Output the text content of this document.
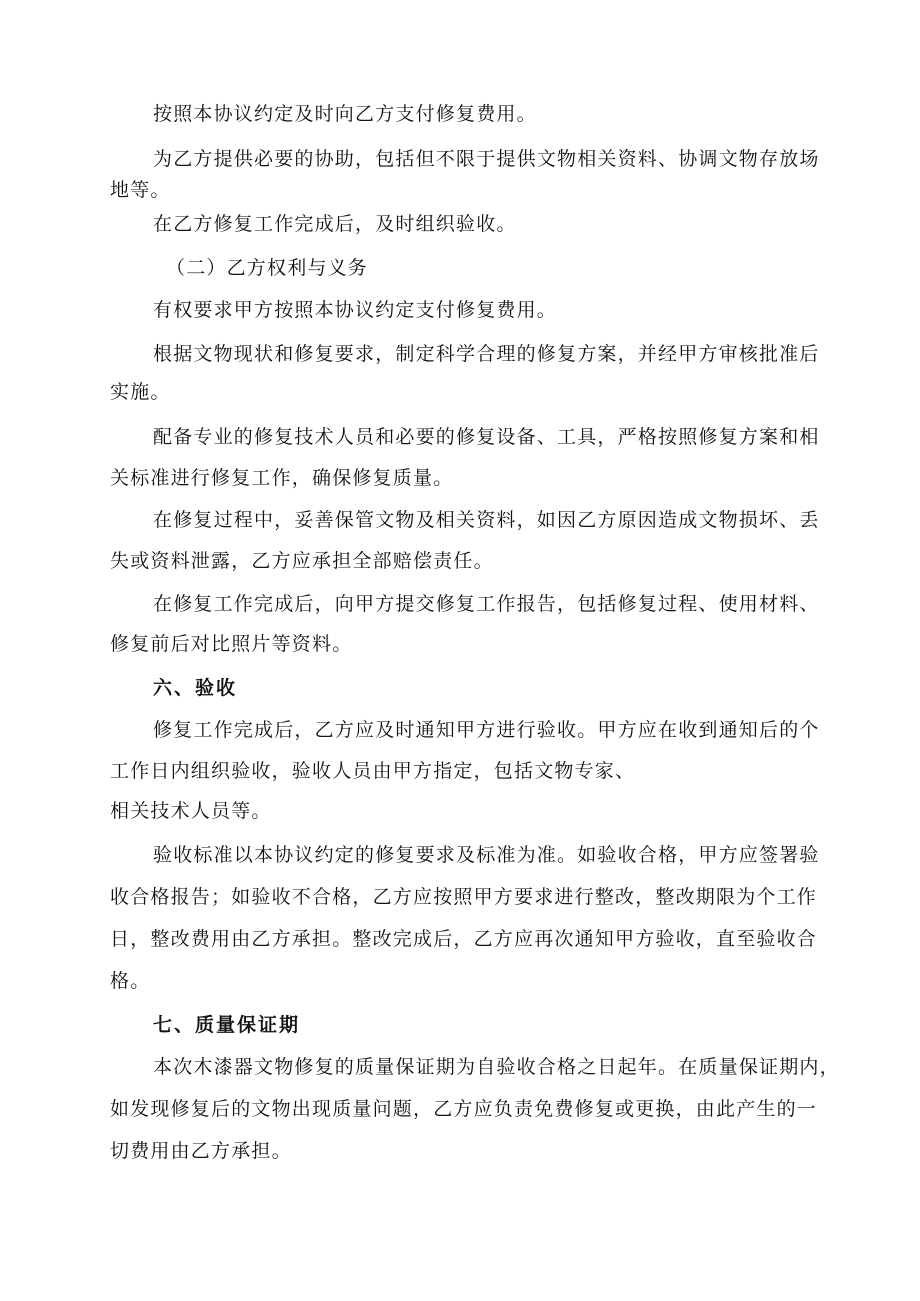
按照本协议约定及时向乙方支付修复费用。
为乙方提供必要的协助，包括但不限于提供文物相关资料、协调文物存放场
地等。
在乙方修复工作完成后，及时组织验收。
（二）乙方权利与义务
有权要求甲方按照本协议约定支付修复费用。
根据文物现状和修复要求，制定科学合理的修复方案，并经甲方审核批准后
实施。
配备专业的修复技术人员和必要的修复设备、工具，严格按照修复方案和相
关标准进行修复工作，确保修复质量。
在修复过程中，妥善保管文物及相关资料，如因乙方原因造成文物损坏、丢
失或资料泄露，乙方应承担全部赔偿责任。
在修复工作完成后，向甲方提交修复工作报告，包括修复过程、使用材料、
修复前后对比照片等资料。
六、验收
修复工作完成后，乙方应及时通知甲方进行验收。甲方应在收到通知后的个
工作日内组织验收，验收人员由甲方指定，包括文物专家、
相关技术人员等。
验收标准以本协议约定的修复要求及标准为准。如验收合格，甲方应签署验
收合格报告；如验收不合格，乙方应按照甲方要求进行整改，整改期限为个工作
日，整改费用由乙方承担。整改完成后，乙方应再次通知甲方验收，直至验收合
格。
七、质量保证期
本次木漆器文物修复的质量保证期为自验收合格之日起年。在质量保证期内，
如发现修复后的文物出现质量问题，乙方应负责免费修复或更换，由此产生的一
切费用由乙方承担。
